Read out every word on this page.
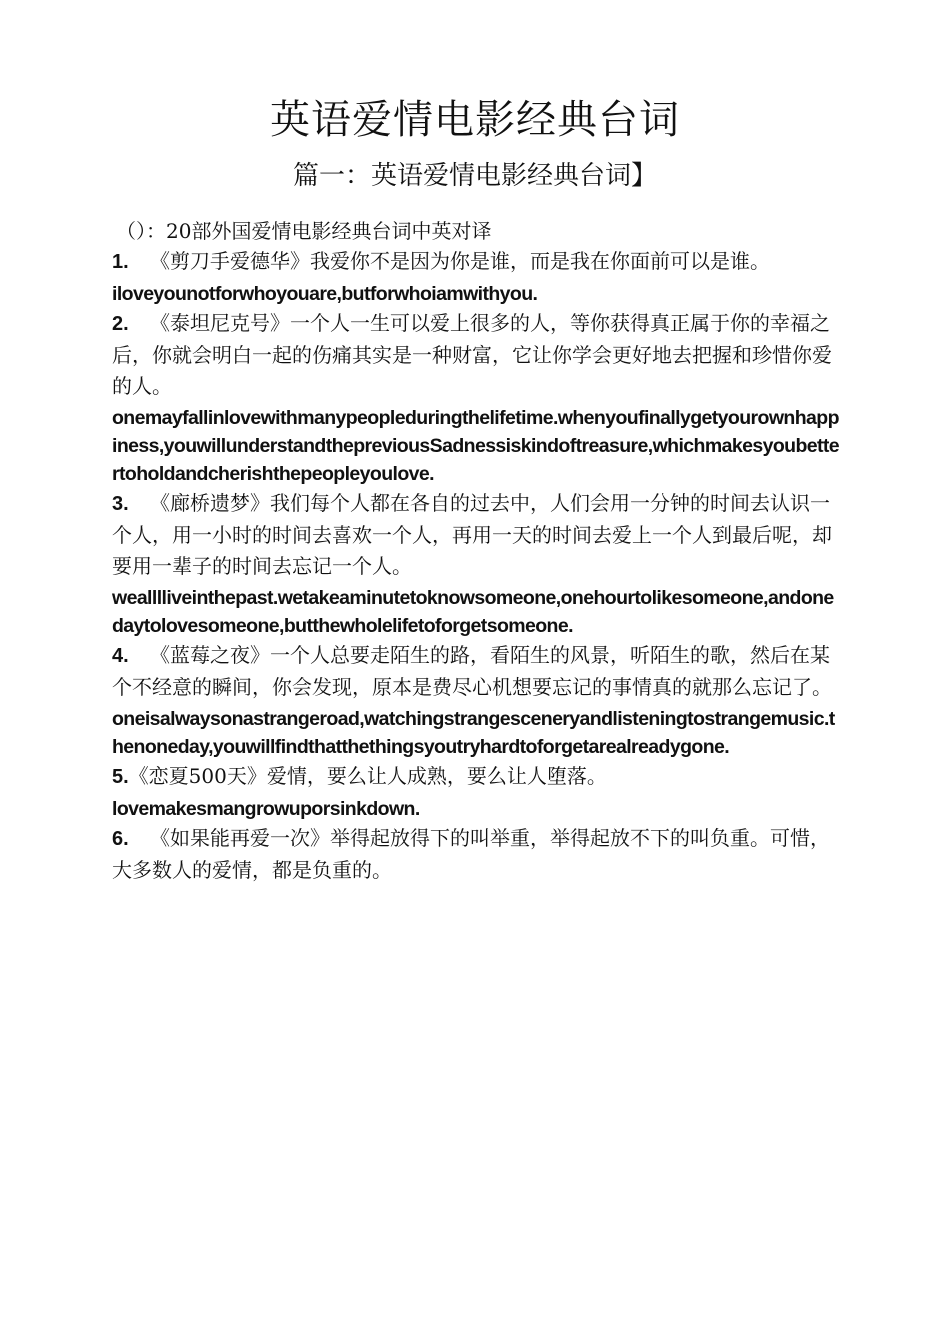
英语爱情电影经典台词
篇一：英语爱情电影经典台词】

（）：20部外国爱情电影经典台词中英对译

1. 《剪刀手爱德华》我爱你不是因为你是谁，而是我在你面前可以是谁。

iloveyounotforwhoyouare,butforwhoiamwithyou.

2. 《泰坦尼克号》一个人一生可以爱上很多的人，等你获得真正属于你的幸福之后，你就会明白一起的伤痛其实是一种财富，它让你学会更好地去把握和珍惜你爱的人。

onemayfallinlovewithmanypeopleduringthelifetime.whenyoufinallygetyourownhappiness,youwillunderstandthepreviousSadnessiskindoftreasure,whichmakesyoubettertoholdandcherishthepeopleyoulove.

3. 《廊桥遗梦》我们每个人都在各自的过去中，人们会用一分钟的时间去认识一个人，用一小时的时间去喜欢一个人，再用一天的时间去爱上一个人到最后呢，却要用一辈子的时间去忘记一个人。

wealllliveinthepast.wetakeaminutetoknowsomeone,onehourtolikesomeone,andonedaytolovesomeone,butthewholelifetoforgetsomeone.

4. 《蓝莓之夜》一个人总要走陌生的路，看陌生的风景，听陌生的歌，然后在某个不经意的瞬间，你会发现，原本是费尽心机想要忘记的事情真的就那么忘记了。

oneisalwaysonastrangeroad,watchingstrangesceneryandlisteningtostrangemusic.thenoneday,youwillfindthatthethingsyoutryhardtoforgetarealreadygone.

5.《恋夏500天》爱情，要么让人成熟，要么让人堕落。

lovemakesmangrowuporsinkdown.

6. 《如果能再爱一次》举得起放得下的叫举重，举得起放不下的叫负重。可惜，大多数人的爱情，都是负重的。
